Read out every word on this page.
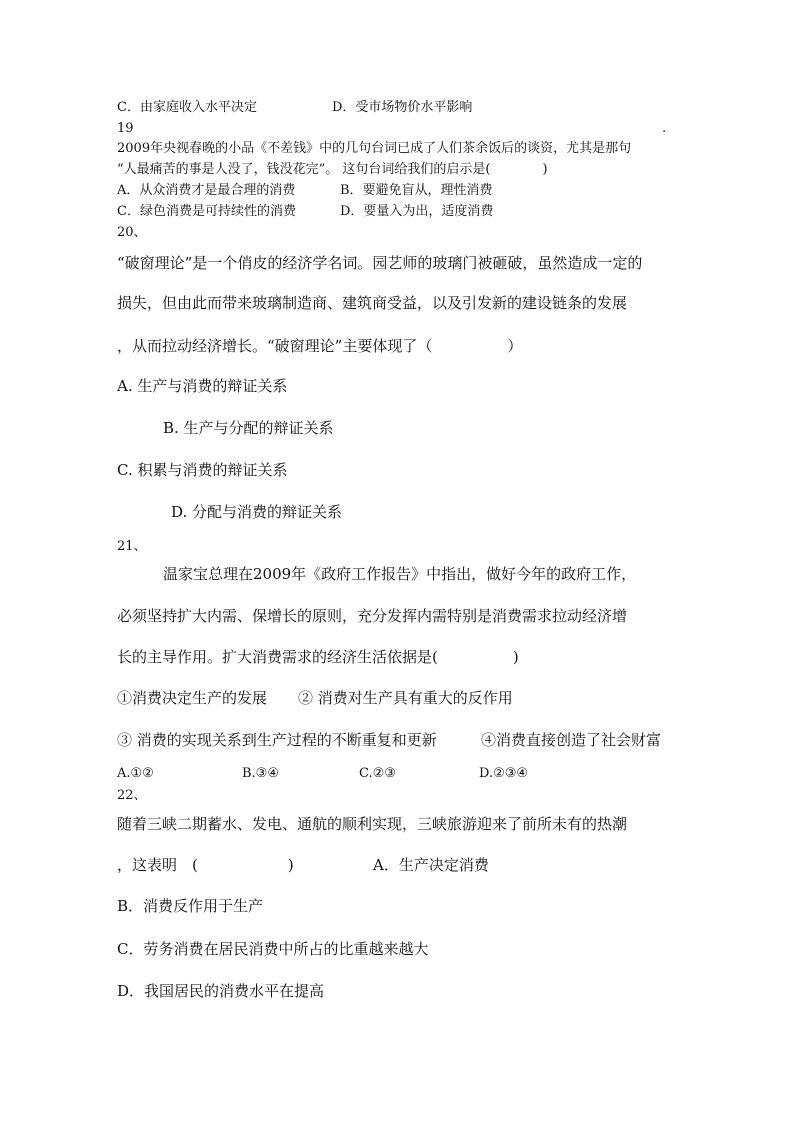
C．由家庭收入水平决定	D．受市场物价水平影响
19	.
2009年央视春晚的小品《不差钱》中的几句台词已成了人们茶余饭后的谈资，尤其是那句
“人最痛苦的事是人没了，钱没花完”。 这句台词给我们的启示是(　　　　)
A．从众消费才是最合理的消费	B．要避免盲从，理性消费
C．绿色消费是可持续性的消费	D．要量入为出，适度消费
20、
“破窗理论”是一个俏皮的经济学名词。园艺师的玻璃门被砸破，虽然造成一定的
损失，但由此而带来玻璃制造商、建筑商受益，以及引发新的建设链条的发展
，从而拉动经济增长。“破窗理论”主要体现了（　　　　　）
A. 生产与消费的辩证关系
B. 生产与分配的辩证关系
C. 积累与消费的辩证关系
D. 分配与消费的辩证关系
21、
温家宝总理在2009年《政府工作报告》中指出，做好今年的政府工作，
必须坚持扩大内需、保增长的原则，充分发挥内需特别是消费需求拉动经济增
长的主导作用。扩大消费需求的经济生活依据是(　　　　　)
①消费决定生产的发展 ② 消费对生产具有重大的反作用
③ 消费的实现关系到生产过程的不断重复和更新	④消费直接创造了社会财富
A.①②	B.③④	C.②③	D.②③④
22、
随着三峡二期蓄水、发电、通航的顺利实现，三峡旅游迎来了前所未有的热潮
，这表明　(　　　　　　)	A．生产决定消费
B．消费反作用于生产
C．劳务消费在居民消费中所占的比重越来越大
D．我国居民的消费水平在提高
